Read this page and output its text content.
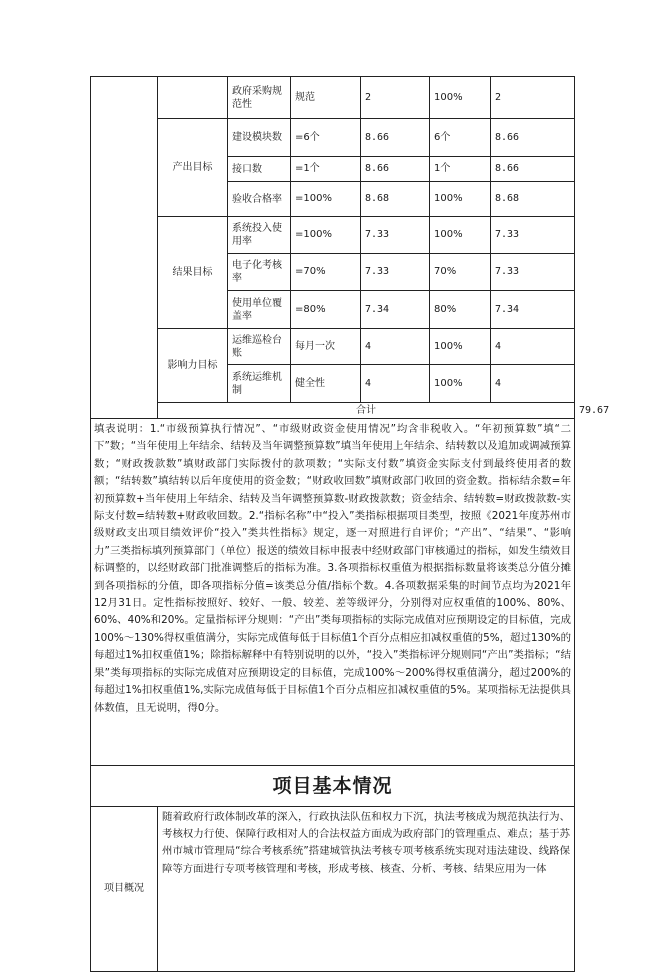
		政府采购规范性	规范	2	100%	2	
	产出目标	建设模块数	=6个	8.66	6个	8.66	
		接口数	=1个	8.66	1个	8.66	
		验收合格率	=100%	8.68	100%	8.68	
	结果目标	系统投入使用率	=100%	7.33	100%	7.33	
		电子化考核率	=70%	7.33	70%	7.33	
		使用单位覆盖率	=80%	7.34	80%	7.34	
	影响力目标	运维巡检台账	每月一次	4	100%	4	
		系统运维机制	健全性	4	100%	4	
	合计						79.67
填表说明：1.“市级预算执行情况”、“市级财政资金使用情况”均含非税收入。“年初预算数”填“二下”数；“当年使用上年结余、结转及当年调整预算数”填当年使用上年结余、结转数以及追加或调减预算数；“财政拨款数”填财政部门实际拨付的款项数；“实际支付数”填资金实际支付到最终使用者的数额；“结转数”填结转以后年度使用的资金数；“财政收回数”填财政部门收回的资金数。指标结余数=年初预算数+当年使用上年结余、结转及当年调整预算数-财政拨款数；资金结余、结转数=财政拨款数-实际支付数=结转数+财政收回数。2.“指标名称”中“投入”类指标根据项目类型，按照《2021年度苏州市级财政支出项目绩效评价“投入”类共性指标》规定，逐一对照进行自评价；“产出”、“结果”、“影响力”三类指标填列预算部门（单位）报送的绩效目标申报表中经财政部门审核通过的指标，如发生绩效目标调整的，以经财政部门批准调整后的指标为准。3.各项指标权重值为根据指标数量将该类总分值分摊到各项指标的分值，即各项指标分值=该类总分值/指标个数。4.各项数据采集的时间节点均为2021年12月31日。定性指标按照好、较好、一般、较差、差等级评分，分别得对应权重值的100%、80%、60%、40%和20%。定量指标评分规则：“产出”类每项指标的实际完成值对应预期设定的目标值，完成100%～130%得权重值满分，实际完成值每低于目标值1个百分点相应扣减权重值的5%，超过130%的每超过1%扣权重值1%；除指标解释中有特别说明的以外，“投入”类指标评分规则同“产出”类指标；“结果”类每项指标的实际完成值对应预期设定的目标值，完成100%～200%得权重值满分，超过200%的每超过1%扣权重值1%,实际完成值每低于目标值1个百分点相应扣减权重值的5%。某项指标无法提供具体数值，且无说明，得0分。							
项目基本情况							
项目概况	随着政府行政体制改革的深入，行政执法队伍和权力下沉，执法考核成为规范执法行为、考核权力行使、保障行政相对人的合法权益方面成为政府部门的管理重点、难点；基于苏州市城市管理局“综合考核系统”搭建城管执法考核专项考核系统实现对违法建设、线路保障等方面进行专项考核管理和考核，形成考核、核查、分析、考核、结果应用为一体						
